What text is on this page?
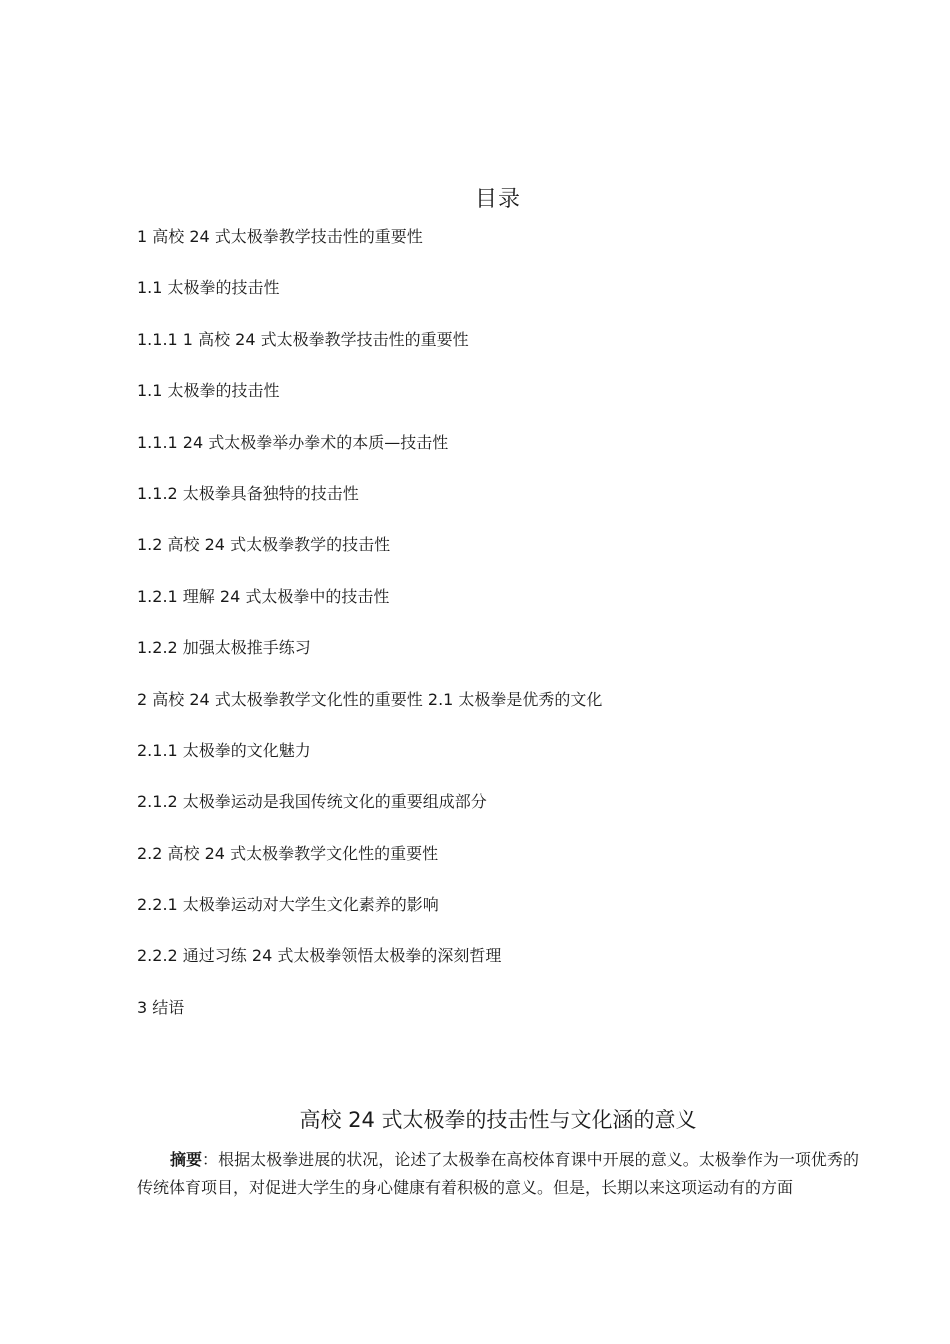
目录
1 高校 24 式太极拳教学技击性的重要性
1.1 太极拳的技击性
1.1.1 1 高校 24 式太极拳教学技击性的重要性
1.1 太极拳的技击性
1.1.1 24 式太极拳举办拳术的本质—技击性
1.1.2 太极拳具备独特的技击性
1.2 高校 24 式太极拳教学的技击性
1.2.1 理解 24 式太极拳中的技击性
1.2.2 加强太极推手练习
2 高校 24 式太极拳教学文化性的重要性 2.1 太极拳是优秀的文化
2.1.1 太极拳的文化魅力
2.1.2 太极拳运动是我国传统文化的重要组成部分
2.2 高校 24 式太极拳教学文化性的重要性
2.2.1 太极拳运动对大学生文化素养的影响
2.2.2 通过习练 24 式太极拳领悟太极拳的深刻哲理
3 结语
高校 24 式太极拳的技击性与文化涵的意义

摘要：根据太极拳进展的状况，论述了太极拳在高校体育课中开展的意义。太极拳作为一项优秀的传统体育项目，对促进大学生的身心健康有着积极的意义。但是，长期以来这项运动有的方面
